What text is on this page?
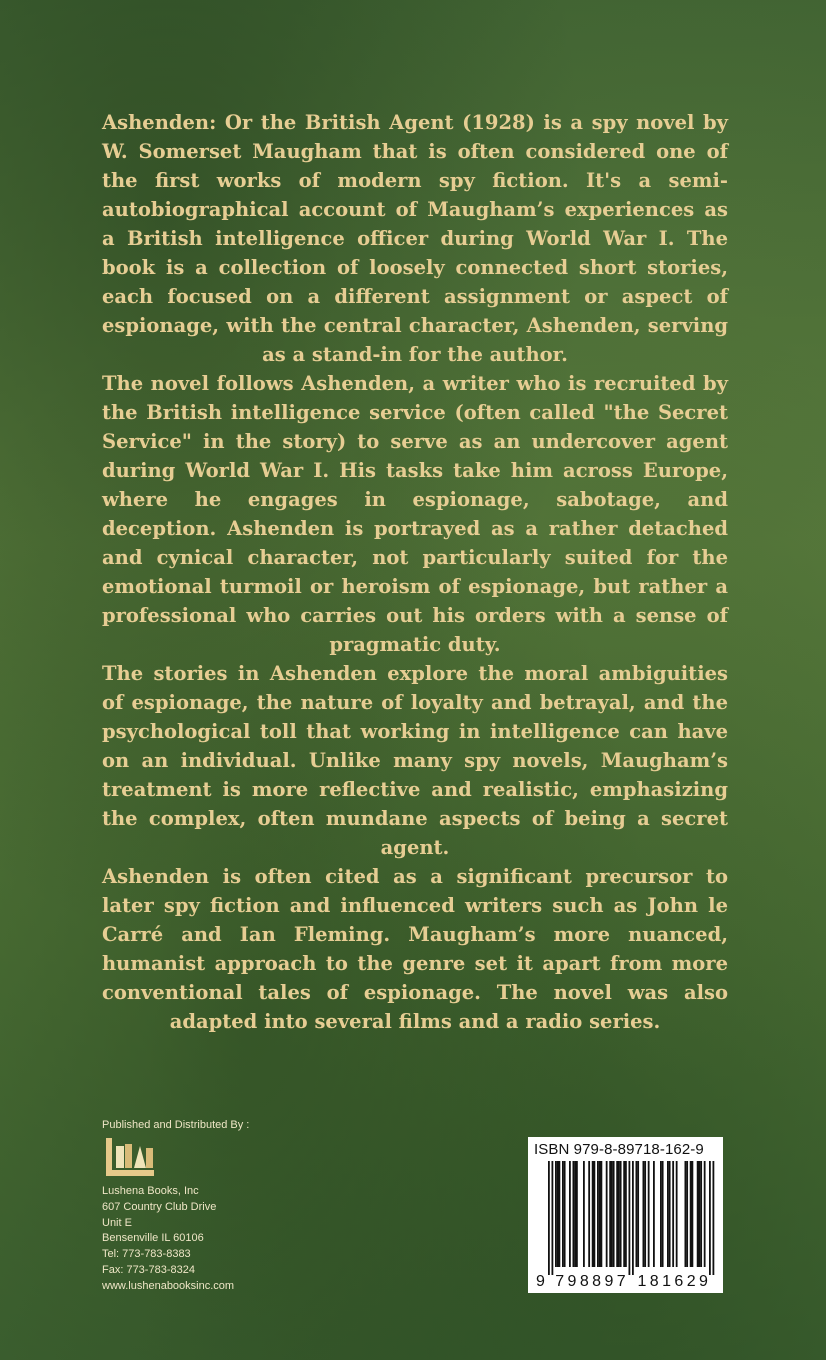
Ashenden: Or the British Agent (1928) is a spy novel by W. Somerset Maugham that is often considered one of the first works of modern spy fiction. It's a semi-autobiographical account of Maugham’s experiences as a British intelligence officer during World War I. The book is a collection of loosely connected short stories, each focused on a different assignment or aspect of espionage, with the central character, Ashenden, serving as a stand-in for the author.

The novel follows Ashenden, a writer who is recruited by the British intelligence service (often called "the Secret Service" in the story) to serve as an undercover agent during World War I. His tasks take him across Europe, where he engages in espionage, sabotage, and deception. Ashenden is portrayed as a rather detached and cynical character, not particularly suited for the emotional turmoil or heroism of espionage, but rather a professional who carries out his orders with a sense of pragmatic duty.

The stories in Ashenden explore the moral ambiguities of espionage, the nature of loyalty and betrayal, and the psychological toll that working in intelligence can have on an individual. Unlike many spy novels, Maugham’s treatment is more reflective and realistic, emphasizing the complex, often mundane aspects of being a secret agent.

Ashenden is often cited as a significant precursor to later spy fiction and influenced writers such as John le Carré and Ian Fleming. Maugham’s more nuanced, humanist approach to the genre set it apart from more conventional tales of espionage. The novel was also adapted into several films and a radio series.

Published and Distributed By :
Lushena Books, Inc
607 Country Club Drive
Unit E
Bensenville IL 60106
Tel: 773-783-8383
Fax: 773-783-8324
www.lushenabooksinc.com
ISBN 979-8-89718-162-9
9 798897 181629
